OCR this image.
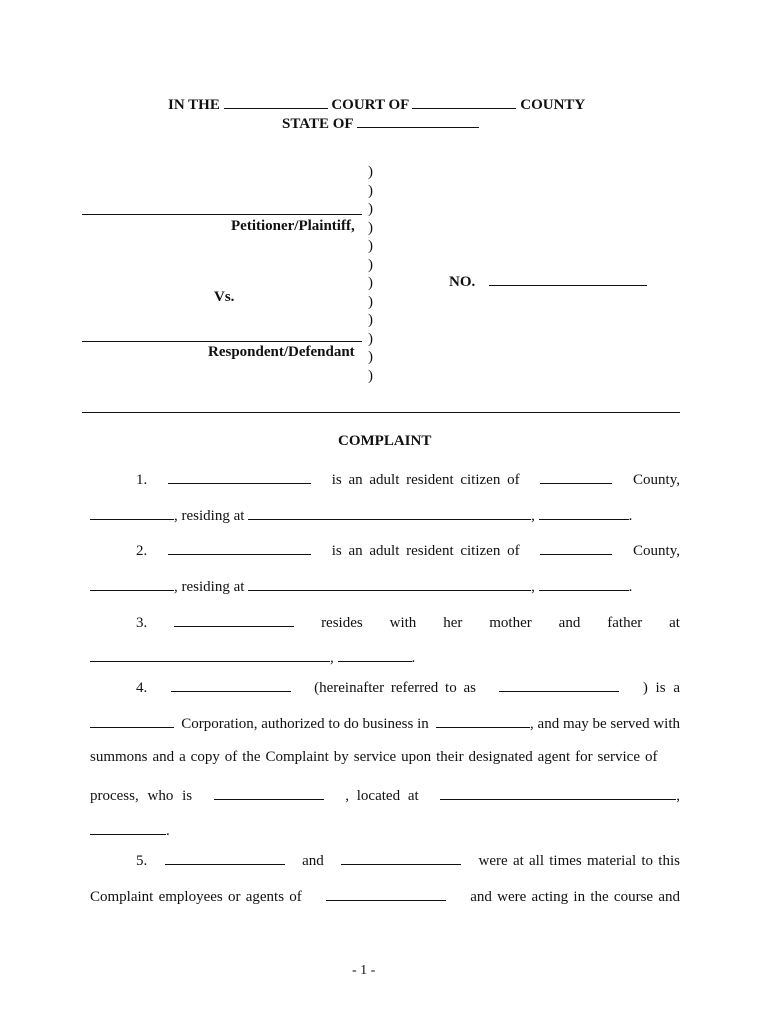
IN THE	COURT OF	COUNTY
STATE OF
)
)
)
)
)
)
)
)
)
)
)
)
Petitioner/Plaintiff,
Vs.
Respondent/Defendant
NO.
COMPLAINT
1.	is an adult resident citizen of	County,
, residing at	,	.
2.	is an adult resident citizen of	County,
, residing at	,	.
3.	resides with her mother and father at
,	.
4.	(hereinafter referred to as	) is a
Corporation, authorized to do business in	, and may be served with
summons and a copy of the Complaint by service upon their designated agent for service of
process, who is	, located at	,
.
5.	and	were at all times material to this
Complaint employees or agents of	and were acting in the course and
- 1 -
